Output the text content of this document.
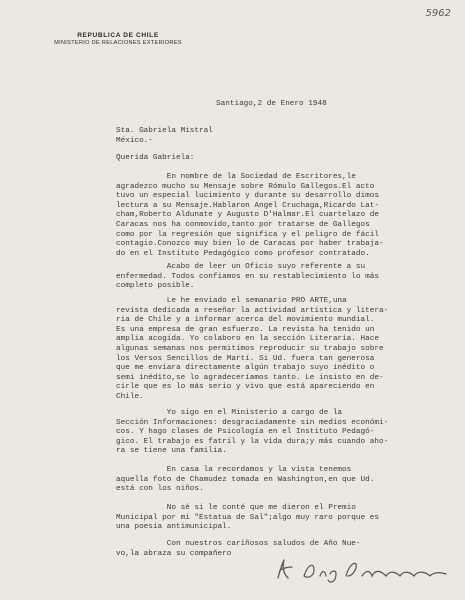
5962
REPUBLICA DE CHILE
MINISTERIO DE RELACIONES EXTERIORES
Santiago,2 de Enero 1948
Sta. Gabriela Mistral
México.-
Querida Gabriela:
En nombre de la Sociedad de Escritores,le
agradezco mucho su Mensaje sobre Rómulo Gallegos.El acto
tuvo un especial lucimiento y durante su desarrollo dimos
lectura a su Mensaje.Hablaron Angel Cruchaga,Ricardo Lat-
cham,Roberto Aldunate y Augusto D'Halmar.El cuartelazo de
Caracas nos ha conmovido,tanto por tratarse de Gallegos
como por la regresión que significa y el peligro de fácil
contagio.Conozco muy bien lo de Caracas por haber trabaja-
do en el Instituto Pedagógico como profesor contratado.
Acabo de leer un Oficio suyo referente a su
enfermedad. Todos confiamos en su restablecimiento lo más
completo posible.
Le he enviado el semanario PRO ARTE,una
revista dedicada a reseñar la actividad artística y litera-
ria de Chile y a informar acerca del movimiento mundial.
Es una empresa de gran esfuerzo. La revista ha tenido un
amplia acogida. Yo colaboro en la sección Literaria. Hace
algunas semanas nos permitimos reproducir su trabajo sobre
los Versos Sencillos de Martí. Si Ud. fuera tan generosa
que me enviara directamente algún trabajo suyo inédito o
semi inédito,se lo agradeceríamos tanto. Le insisto en de-
cirle que es lo más serio y vivo que está apareciendo en
Chile.
Yo sigo en el Ministerio a cargo de la
Sección Informaciones: desgraciadamente sin medios económi-
cos. Y hago clases de Psicología en el Instituto Pedagó-
gico. El trabajo es fatril y la vida dura;y más cuando aho-
ra se tiene una familia.
En casa la recordamos y la vista tenemos
aquella foto de Chamudez tomada en Washington,en que Ud.
está con los niños.
No sé si le conté que me dieron el Premio
Municipal por mi "Estatua de Sal";algo muy raro porque es
una poesía antimunicipal.
Con nuestros cariñosos saludos de Año Nue-
vo,la abraza su compañero
